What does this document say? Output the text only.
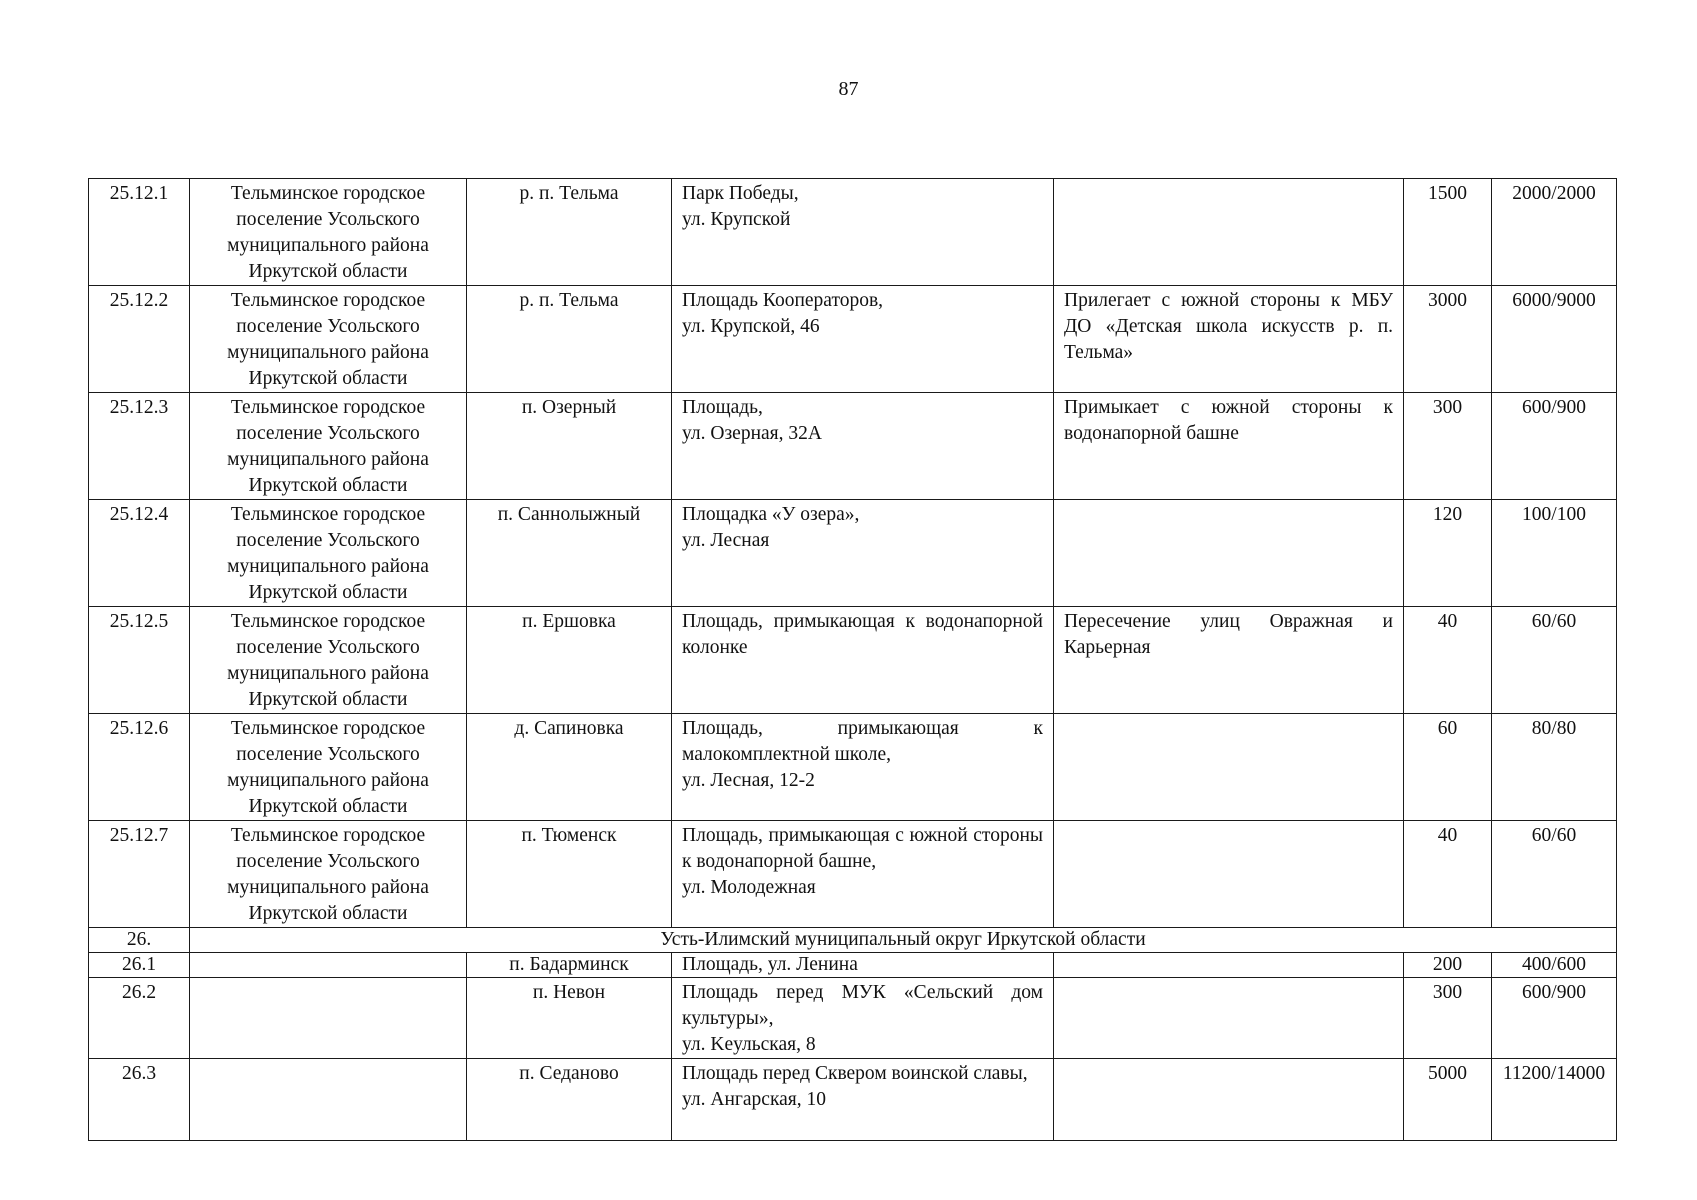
87
25.12.1	Тельминское городское поселение Усольского муниципального района Иркутской области	р. п. Тельма	Парк Победы,
ул. Крупской		1500	2000/2000
25.12.2	Тельминское городское поселение Усольского муниципального района Иркутской области	р. п. Тельма	Площадь Кооператоров,
ул. Крупской, 46	Прилегает с южной стороны к МБУ ДО «Детская школа искусств р. п. Тельма»	3000	6000/9000
25.12.3	Тельминское городское поселение Усольского муниципального района Иркутской области	п. Озерный	Площадь,
ул. Озерная, 32А	Примыкает с южной стороны к водонапорной башне	300	600/900
25.12.4	Тельминское городское поселение Усольского муниципального района Иркутской области	п. Саннолыжный	Площадка «У озера»,
ул. Лесная		120	100/100
25.12.5	Тельминское городское поселение Усольского муниципального района Иркутской области	п. Ершовка	Площадь, примыкающая к водонапорной колонке	Пересечение улиц Овражная и Карьерная	40	60/60
25.12.6	Тельминское городское поселение Усольского муниципального района Иркутской области	д. Сапиновка	Площадь, примыкающая к малокомплектной школе,
ул. Лесная, 12-2		60	80/80
25.12.7	Тельминское городское поселение Усольского муниципального района Иркутской области	п. Тюменск	Площадь, примыкающая с южной стороны к водонапорной башне,
ул. Молодежная		40	60/60
26.	Усть-Илимский муниципальный округ Иркутской области					
26.1		п. Бадарминск	Площадь, ул. Ленина		200	400/600
26.2		п. Невон	Площадь перед МУК «Сельский дом культуры»,
ул. Keульская, 8		300	600/900
26.3		п. Седаново	Площадь перед Сквером воинской славы,
ул. Ангарская, 10		5000	11200/14000
